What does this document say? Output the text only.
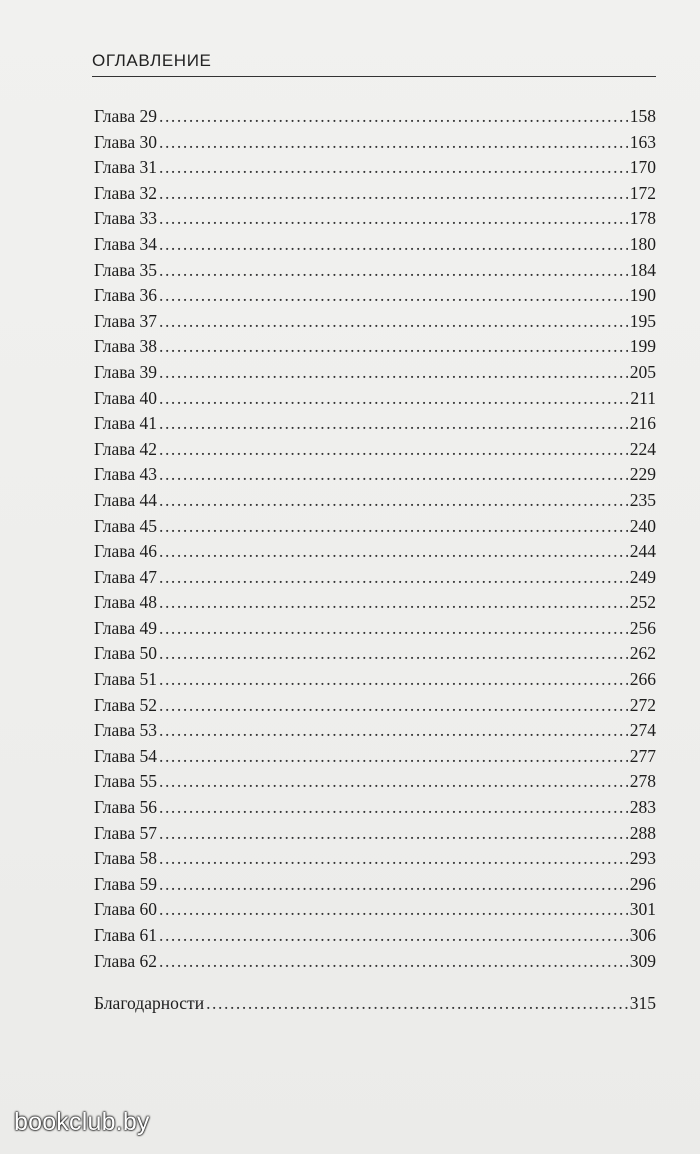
ОГЛАВЛЕНИЕ
Глава 29 .....	158
Глава 30 .....	163
Глава 31 .....	170
Глава 32 .....	172
Глава 33 .....	178
Глава 34 .....	180
Глава 35 .....	184
Глава 36 .....	190
Глава 37 .....	195
Глава 38 .....	199
Глава 39 .....	205
Глава 40 .....	211
Глава 41 .....	216
Глава 42 .....	224
Глава 43 .....	229
Глава 44 .....	235
Глава 45 .....	240
Глава 46 .....	244
Глава 47 .....	249
Глава 48 .....	252
Глава 49 .....	256
Глава 50 .....	262
Глава 51 .....	266
Глава 52 .....	272
Глава 53 .....	274
Глава 54 .....	277
Глава 55 .....	278
Глава 56 .....	283
Глава 57 .....	288
Глава 58 .....	293
Глава 59 .....	296
Глава 60 .....	301
Глава 61 .....	306
Глава 62 .....	309
Благодарности .....	315
bookclub.by
